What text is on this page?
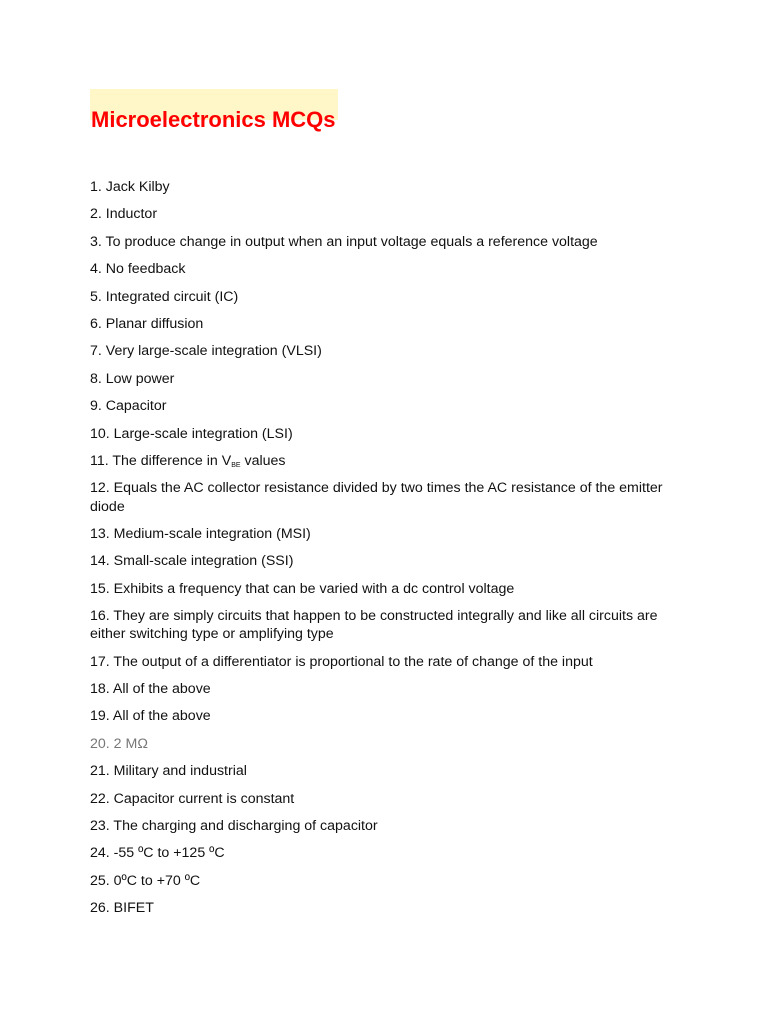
Microelectronics MCQs
1. Jack Kilby
2. Inductor
3. To produce change in output when an input voltage equals a reference voltage
4. No feedback
5. Integrated circuit (IC)
6. Planar diffusion
7. Very large-scale integration (VLSI)
8. Low power
9. Capacitor
10. Large-scale integration (LSI)
11. The difference in $V_{BE}$ values
12. Equals the AC collector resistance divided by two times the AC resistance of the emitter diode
13. Medium-scale integration (MSI)
14. Small-scale integration (SSI)
15. Exhibits a frequency that can be varied with a dc control voltage
16. They are simply circuits that happen to be constructed integrally and like all circuits are either switching type or amplifying type
17. The output of a differentiator is proportional to the rate of change of the input
18. All of the above
19. All of the above
20. 2 MΩ
21. Military and industrial
22. Capacitor current is constant
23. The charging and discharging of capacitor
24. -55 ºC to +125 ºC
25. 0ºC to +70 ºC
26. BIFET
